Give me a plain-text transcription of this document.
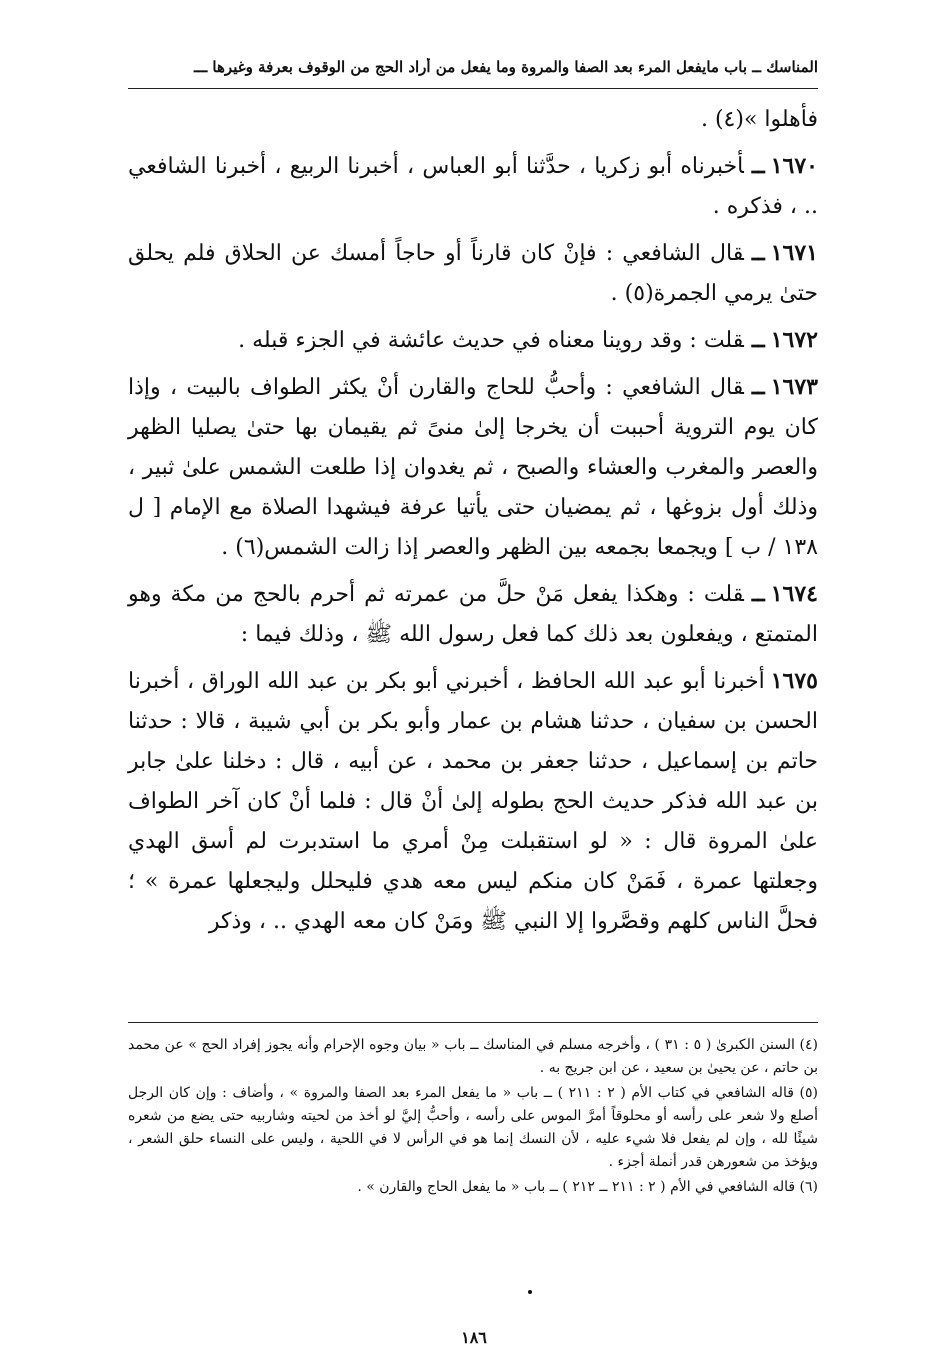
المناسك ــ باب مايفعل المرء بعد الصفا والمروة وما يفعل من أراد الحج من الوقوف بعرفة وغيرها ـــ

فأهلوا »(٤) .

١٦٧٠ــأخبرناه أبو زكريا ، حدَّثنا أبو العباس ، أخبرنا الربيع ، أخبرنا الشافعي .. ، فذكره .

١٦٧١ــقال الشافعي : فإنْ كان قارناً أو حاجاً أمسك عن الحلاق فلم يحلق حتىٰ يرمي الجمرة(٥) .

١٦٧٢ــقلت : وقد روينا معناه في حديث عائشة في الجزء قبله .

١٦٧٣ــقال الشافعي : وأحبُّ للحاج والقارن أنْ يكثر الطواف بالبيت ، وإذا كان يوم التروية أحببت أن يخرجا إلىٰ منىً ثم يقيمان بها حتىٰ يصليا الظهر والعصر والمغرب والعشاء والصبح ، ثم يغدوان إذا طلعت الشمس علىٰ ثبير ، وذلك أول بزوغها ، ثم يمضيان حتى يأتيا عرفة فيشهدا الصلاة مع الإمام [ ل ١٣٨ / ب ] ويجمعا بجمعه بين الظهر والعصر إذا زالت الشمس(٦) .

١٦٧٤ــقلت : وهكذا يفعل مَنْ حلَّ من عمرته ثم أحرم بالحج من مكة وهو المتمتع ، ويفعلون بعد ذلك كما فعل رسول الله ﷺ ، وذلك فيما :

١٦٧٥أخبرنا أبو عبد الله الحافظ ، أخبرني أبو بكر بن عبد الله الوراق ، أخبرنا الحسن بن سفيان ، حدثنا هشام بن عمار وأبو بكر بن أبي شيبة ، قالا : حدثنا حاتم بن إسماعيل ، حدثنا جعفر بن محمد ، عن أبيه ، قال : دخلنا علىٰ جابر بن عبد الله فذكر حديث الحج بطوله إلىٰ أنْ قال : فلما أنْ كان آخر الطواف علىٰ المروة قال : « لو استقبلت مِنْ أمري ما استدبرت لم أسق الهدي وجعلتها عمرة ، فَمَنْ كان منكم ليس معه هدي فليحلل وليجعلها عمرة » ؛ فحلَّ الناس كلهم وقصَّروا إلا النبي ﷺ ومَنْ كان معه الهدي .. ، وذكر

(٤) السنن الكبرىٰ ( ٥ : ٣١ ) ، وأخرجه مسلم في المناسك ــ باب « بيان وجوه الإحرام وأنه يجوز إفراد الحج » عن محمد بن حاتم ، عن يحيىٰ بن سعيد ، عن ابن جريج به .

(٥) قاله الشافعي في كتاب الأم ( ٢ : ٢١١ ) ــ باب « ما يفعل المرء بعد الصفا والمروة » ، وأضاف : وإن كان الرجل أصلع ولا شعر على رأسه أو محلوقاً أمرَّ الموس على رأسه ، وأحبُّ إليَّ لو أخذ من لحيته وشاربيه حتى يضع من شعره شيئًا لله ، وإن لم يفعل فلا شيء عليه ، لأن النسك إنما هو في الرأس لا في اللحية ، وليس على النساء حلق الشعر ، ويؤخذ من شعورهن قدر أنملة أجزء .

(٦) قاله الشافعي في الأم ( ٢ : ٢١١ ــ ٢١٢ ) ــ باب « ما يفعل الحاج والقارن » .

١٨٦
